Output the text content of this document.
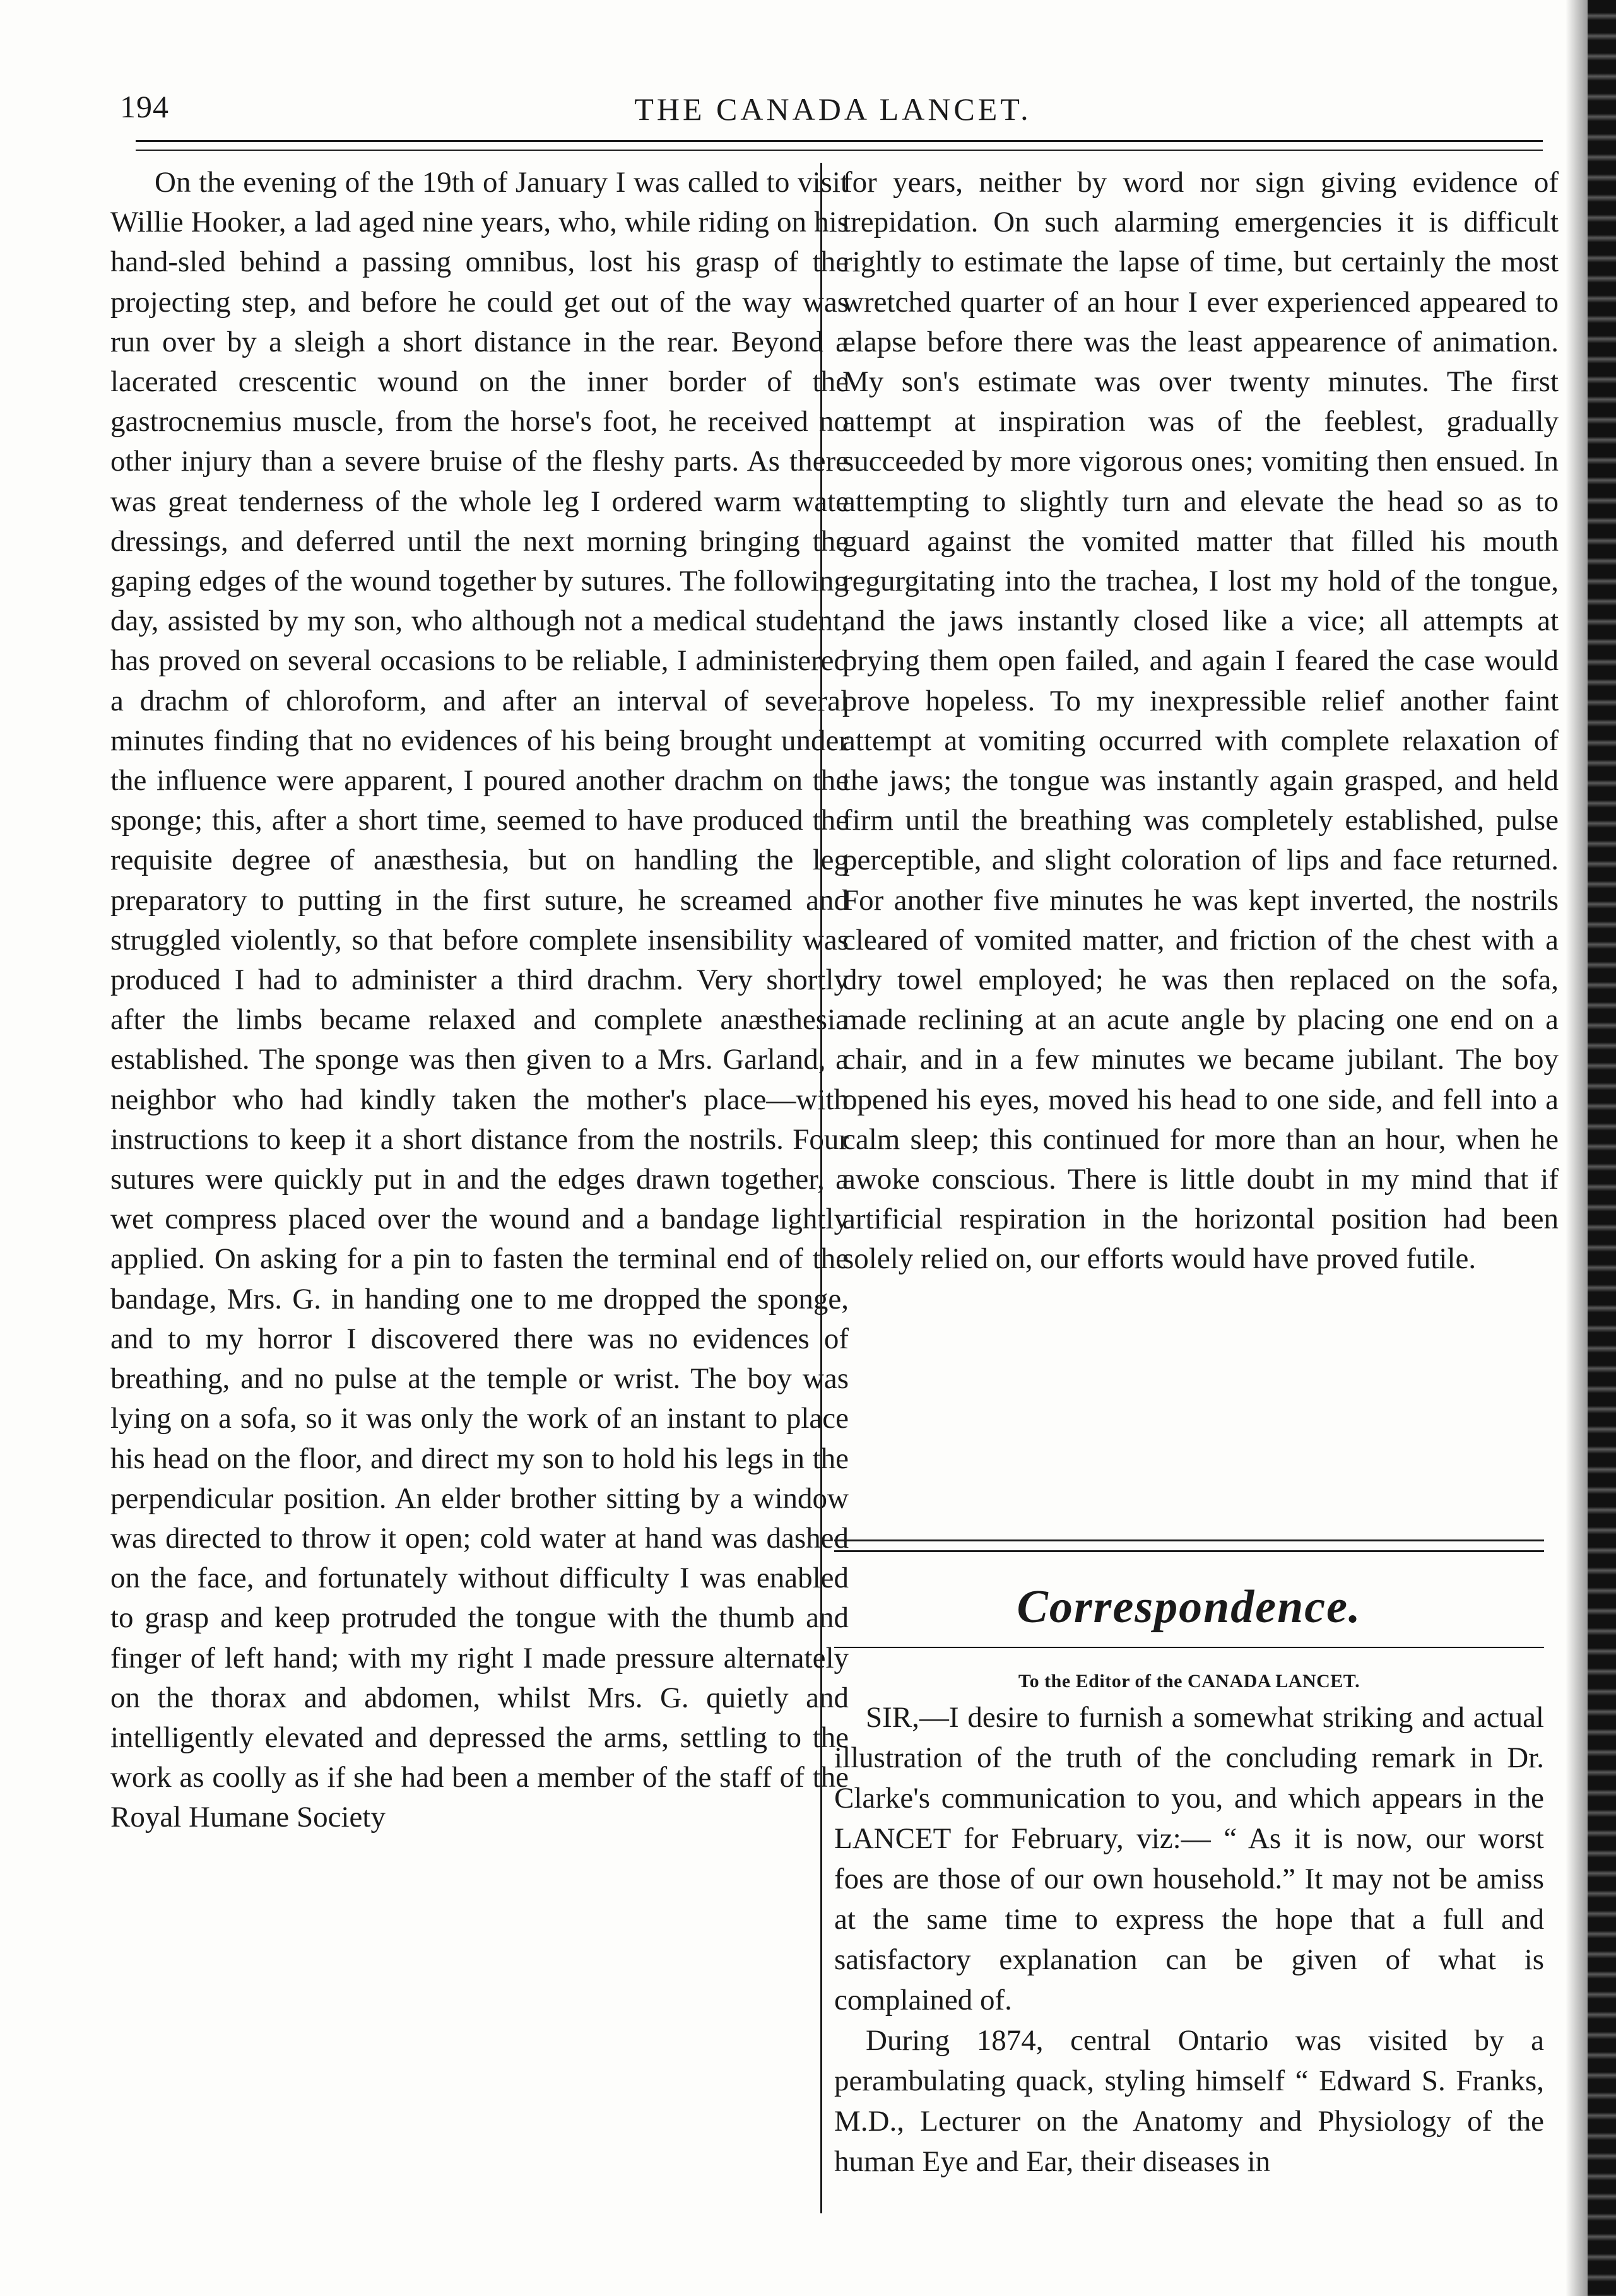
194	THE CANADA LANCET.

On the evening of the 19th of January I was called to visit Willie Hooker, a lad aged nine years, who, while riding on his hand-sled behind a passing omnibus, lost his grasp of the projecting step, and before he could get out of the way was run over by a sleigh a short distance in the rear. Beyond a lacerated crescentic wound on the inner border of the gastrocnemius muscle, from the horse's foot, he received no other injury than a severe bruise of the fleshy parts. As there was great tenderness of the whole leg I ordered warm wate dressings, and deferred until the next morning bringing the gaping edges of the wound together by sutures. The following day, assisted by my son, who although not a medical student, has proved on several occasions to be reliable, I administered a drachm of chloroform, and after an interval of several minutes finding that no evidences of his being brought under the influence were apparent, I poured another drachm on the sponge; this, after a short time, seemed to have produced the requisite degree of anæsthesia, but on handling the leg preparatory to putting in the first suture, he screamed and struggled violently, so that before complete insensibility was produced I had to administer a third drachm. Very shortly after the limbs became relaxed and complete anæsthesia established. The sponge was then given to a Mrs. Garland, a neighbor who had kindly taken the mother's place—with instructions to keep it a short distance from the nostrils. Four sutures were quickly put in and the edges drawn together, a wet compress placed over the wound and a bandage lightly applied. On asking for a pin to fasten the terminal end of the bandage, Mrs. G. in handing one to me dropped the sponge, and to my horror I discovered there was no evidences of breathing, and no pulse at the temple or wrist. The boy was lying on a sofa, so it was only the work of an instant to place his head on the floor, and direct my son to hold his legs in the perpendicular position. An elder brother sitting by a window was directed to throw it open; cold water at hand was dashed on the face, and fortunately without difficulty I was enabled to grasp and keep protruded the tongue with the thumb and finger of left hand; with my right I made pressure alternately on the thorax and abdomen, whilst Mrs. G. quietly and intelligently elevated and depressed the arms, settling to the work as coolly as if she had been a member of the staff of the Royal Humane Society

for years, neither by word nor sign giving evidence of trepidation. On such alarming emergencies it is difficult rightly to estimate the lapse of time, but certainly the most wretched quarter of an hour I ever experienced appeared to elapse before there was the least appearence of animation. My son's estimate was over twenty minutes. The first attempt at inspiration was of the feeblest, gradually succeeded by more vigorous ones; vomiting then ensued. In attempting to slightly turn and elevate the head so as to guard against the vomited matter that filled his mouth regurgitating into the trachea, I lost my hold of the tongue, and the jaws instantly closed like a vice; all attempts at prying them open failed, and again I feared the case would prove hopeless. To my inexpressible relief another faint attempt at vomiting occurred with complete relaxation of the jaws; the tongue was instantly again grasped, and held firm until the breathing was completely established, pulse perceptible, and slight coloration of lips and face returned. For another five minutes he was kept inverted, the nostrils cleared of vomited matter, and friction of the chest with a dry towel employed; he was then replaced on the sofa, made reclining at an acute angle by placing one end on a chair, and in a few minutes we became jubilant. The boy opened his eyes, moved his head to one side, and fell into a calm sleep; this continued for more than an hour, when he awoke conscious. There is little doubt in my mind that if artificial respiration in the horizontal position had been solely relied on, our efforts would have proved futile.

Correspondence.
To the Editor of the CANADA LANCET.

SIR,—I desire to furnish a somewhat striking and actual illustration of the truth of the concluding remark in Dr. Clarke's communication to you, and which appears in the LANCET for February, viz:— “ As it is now, our worst foes are those of our own household.” It may not be amiss at the same time to express the hope that a full and satisfactory explanation can be given of what is complained of.

During 1874, central Ontario was visited by a perambulating quack, styling himself “ Edward S. Franks, M.D., Lecturer on the Anatomy and Physiology of the human Eye and Ear, their diseases in
